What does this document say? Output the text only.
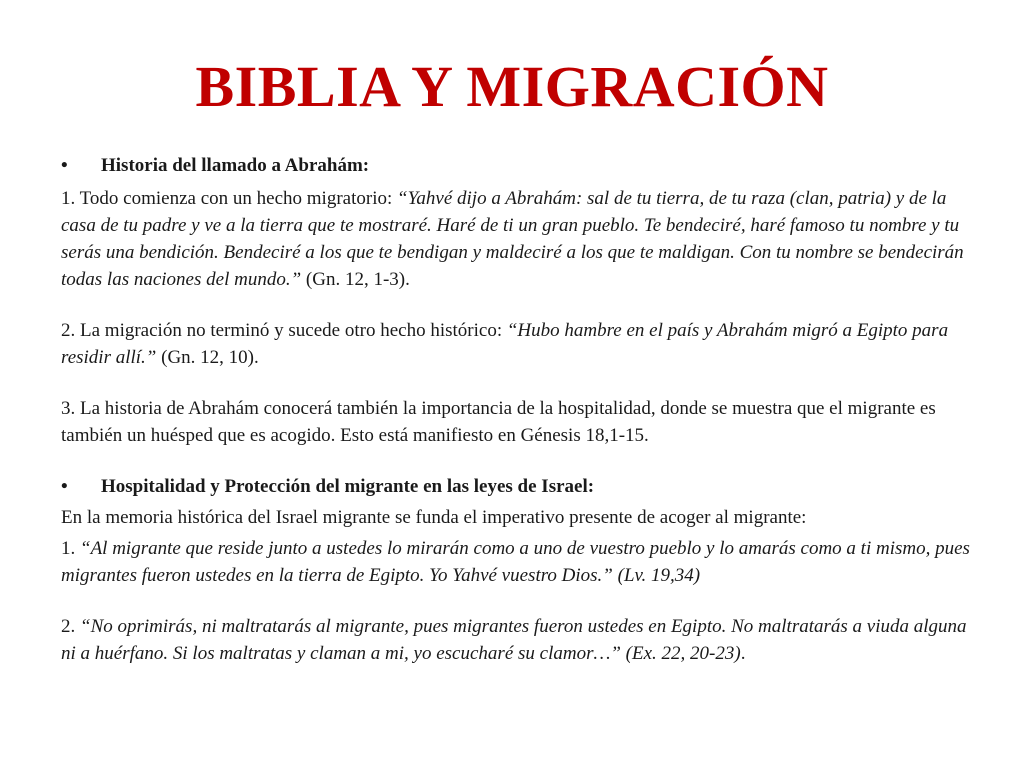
BIBLIA Y MIGRACIÓN

• Historia del llamado a Abrahám:

1. Todo comienza con un hecho migratorio: “Yahvé dijo a Abrahám: sal de tu tierra, de tu raza (clan, patria) y de la casa de tu padre y ve a la tierra que te mostraré. Haré de ti un gran pueblo. Te bendeciré, haré famoso tu nombre y tu serás una bendición. Bendeciré a los que te bendigan y maldeciré a los que te maldigan. Con tu nombre se bendecirán todas las naciones del mundo.” (Gn. 12, 1-3).

2. La migración no terminó y sucede otro hecho histórico: “Hubo hambre en el país y Abrahám migró a Egipto para residir allí.” (Gn. 12, 10).

3. La historia de Abrahám conocerá también la importancia de la hospitalidad, donde se muestra que el migrante es también un huésped que es acogido. Esto está manifiesto en Génesis 18,1-15.

• Hospitalidad y Protección del migrante en las leyes de Israel:

En la memoria histórica del Israel migrante se funda el imperativo presente de acoger al migrante:

1. “Al migrante que reside junto a ustedes lo mirarán como a uno de vuestro pueblo y lo amarás como a ti mismo, pues migrantes fueron ustedes en la tierra de Egipto. Yo Yahvé vuestro Dios.” (Lv. 19,34)

2. “No oprimirás, ni maltratarás al migrante, pues migrantes fueron ustedes en Egipto. No maltratarás a viuda alguna ni a huérfano. Si los maltratas y claman a mi, yo escucharé su clamor…” (Ex. 22, 20-23).
